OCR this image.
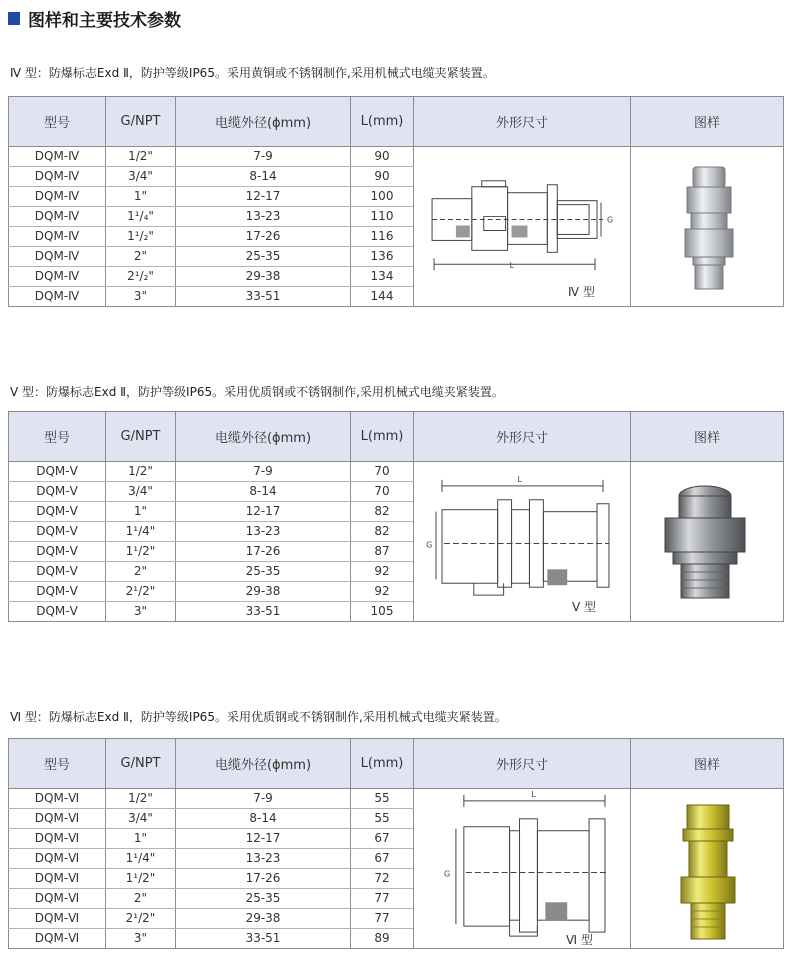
图样和主要技术参数
Ⅳ 型：防爆标志Exd Ⅱ，防护等级IP65。采用黄铜或不锈钢制作,采用机械式电缆夹紧装置。
型号	G/NPT	电缆外径(ɸmm)	L(mm)	外形尺寸	图样
DQM-Ⅳ	1/2"	7-9	90	L
G
Ⅳ 型

DQM-Ⅳ	3/4"	8-14	90		
DQM-Ⅳ	1"	12-17	100		
DQM-Ⅳ	1¹/₄"	13-23	110		
DQM-Ⅳ	1¹/₂"	17-26	116		
DQM-Ⅳ	2"	25-35	136		
DQM-Ⅳ	2¹/₂"	29-38	134		
DQM-Ⅳ	3"	33-51	144		
Ⅴ 型：防爆标志Exd Ⅱ，防护等级IP65。采用优质钢或不锈钢制作,采用机械式电缆夹紧装置。
型号	G/NPT	电缆外径(ɸmm)	L(mm)	外形尺寸	图样
DQM-Ⅴ	1/2"	7-9	70	L
G
Ⅴ 型

DQM-Ⅴ	3/4"	8-14	70		
DQM-Ⅴ	1"	12-17	82		
DQM-Ⅴ	1¹/4"	13-23	82		
DQM-Ⅴ	1¹/2"	17-26	87		
DQM-Ⅴ	2"	25-35	92		
DQM-Ⅴ	2¹/2"	29-38	92		
DQM-Ⅴ	3"	33-51	105		
Ⅵ 型：防爆标志Exd Ⅱ，防护等级IP65。采用优质钢或不锈钢制作,采用机械式电缆夹紧装置。
型号	G/NPT	电缆外径(ɸmm)	L(mm)	外形尺寸	图样
DQM-Ⅵ	1/2"	7-9	55	L
G
Ⅵ 型

DQM-Ⅵ	3/4"	8-14	55		
DQM-Ⅵ	1"	12-17	67		
DQM-Ⅵ	1¹/4"	13-23	67		
DQM-Ⅵ	1¹/2"	17-26	72		
DQM-Ⅵ	2"	25-35	77		
DQM-Ⅵ	2¹/2"	29-38	77		
DQM-Ⅵ	3"	33-51	89		
